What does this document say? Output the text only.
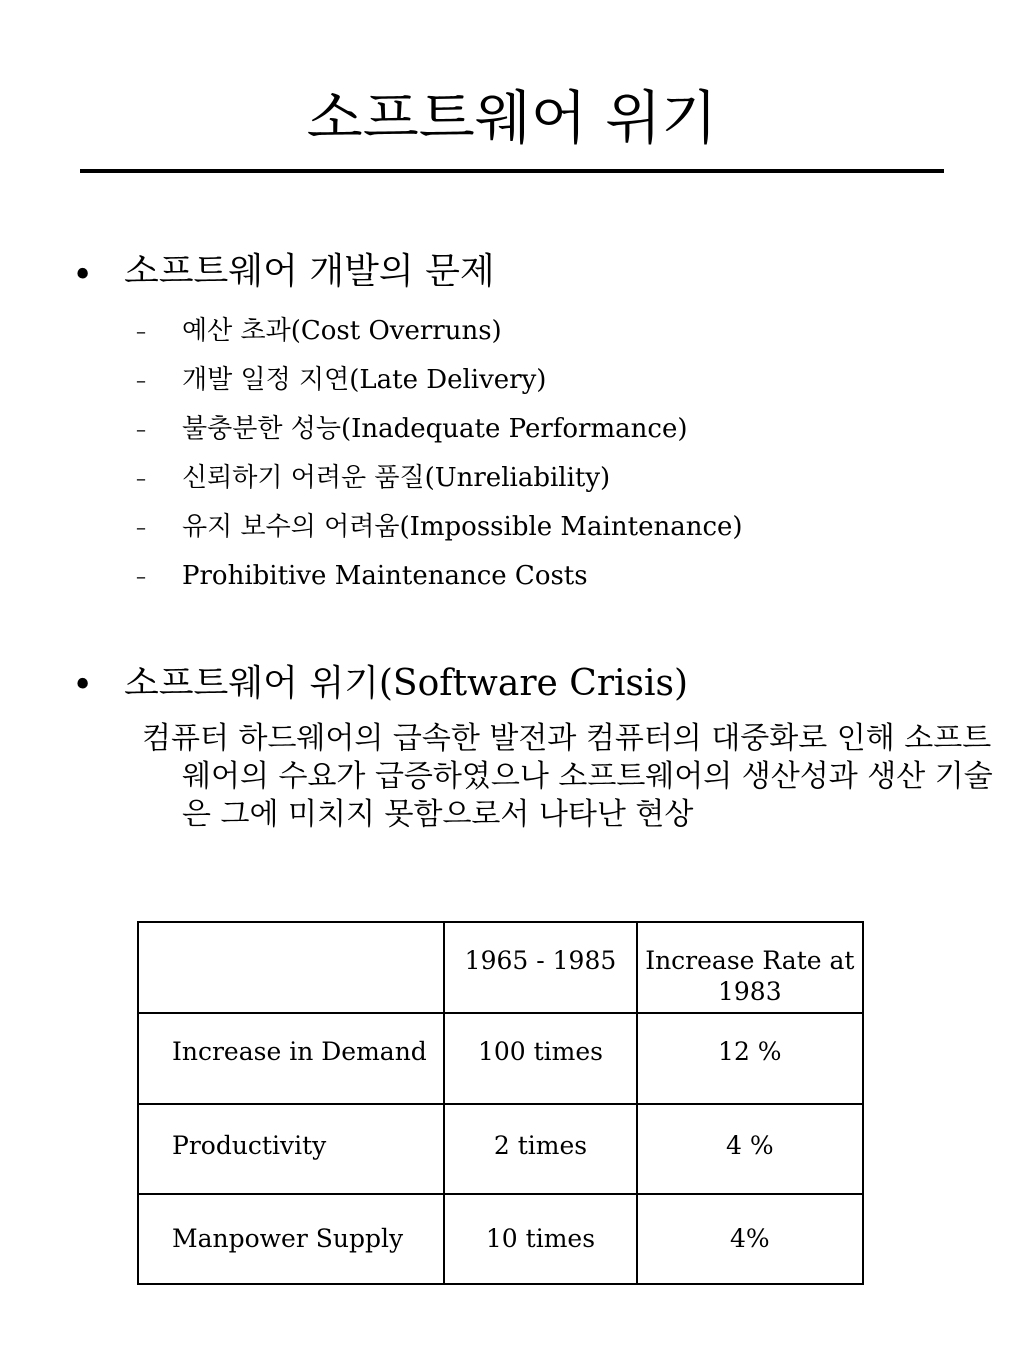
소프트웨어 위기
• 소프트웨어 개발의 문제
–	예산 초과(Cost Overruns)
–	개발 일정 지연(Late Delivery)
–	불충분한 성능(Inadequate Performance)
–	신뢰하기 어려운 품질(Unreliability)
–	유지 보수의 어려움(Impossible Maintenance)
–	Prohibitive Maintenance Costs
• 소프트웨어 위기(Software Crisis)

컴퓨터 하드웨어의 급속한 발전과 컴퓨터의 대중화로 인해 소프트웨어의 수요가 급증하였으나 소프트웨어의 생산성과 생산 기술은 그에 미치지 못함으로서 나타난 현상

	1965 - 1985	Increase Rate at 1983
Increase in Demand	100 times	12 %
Productivity	2 times	4 %
Manpower Supply	10 times	4%
